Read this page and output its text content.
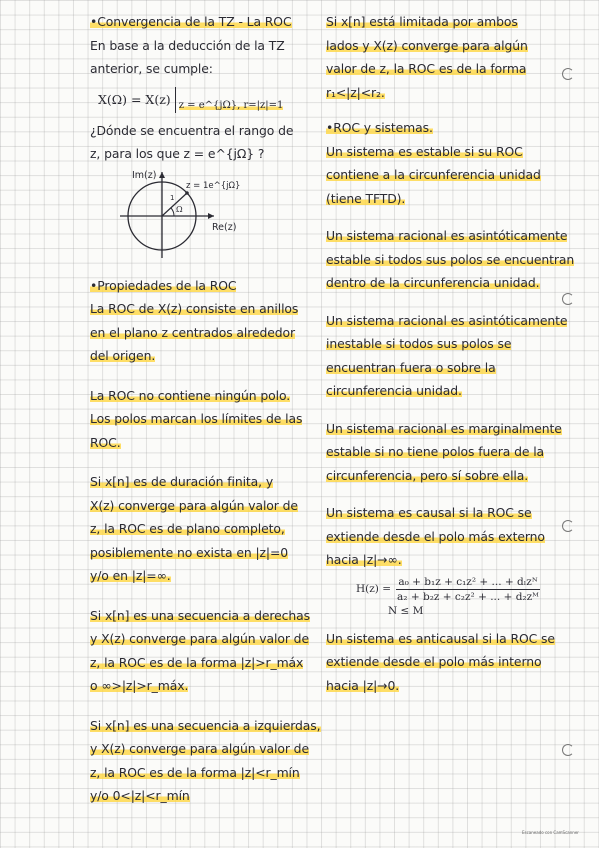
•Convergencia de la TZ - La ROC
En base a la deducción de la TZ
anterior, se cumple:
X(Ω) = X(z) z = e^{jΩ}, r=|z|=1
¿Dónde se encuentra el rango de
z, para los que z = e^{jΩ} ?
Im(z)
Re(z)
z = 1e^{jΩ}
Ω
1
•Propiedades de la ROC
La ROC de X(z) consiste en anillos
en el plano z centrados alrededor
del origen.
La ROC no contiene ningún polo.
Los polos marcan los límites de las
ROC.
Si x[n] es de duración finita, y
X(z) converge para algún valor de
z, la ROC es de plano completo,
posiblemente no exista en |z|=0
y/o en |z|=∞.
Si x[n] es una secuencia a derechas
y X(z) converge para algún valor de
z, la ROC es de la forma |z|>r_máx
o ∞>|z|>r_máx.
Si x[n] es una secuencia a izquierdas,
y X(z) converge para algún valor de
z, la ROC es de la forma |z|<r_mín
y/o 0<|z|<r_mín
Si x[n] está limitada por ambos
lados y X(z) converge para algún
valor de z, la ROC es de la forma
r₁<|z|<r₂.
•ROC y sistemas.
Un sistema es estable si su ROC
contiene a la circunferencia unidad
(tiene TFTD).
Un sistema racional es asintóticamente
estable si todos sus polos se encuentran
dentro de la circunferencia unidad.
Un sistema racional es asintóticamente
inestable si todos sus polos se
encuentran fuera o sobre la
circunferencia unidad.
Un sistema racional es marginalmente
estable si no tiene polos fuera de la
circunferencia, pero sí sobre ella.
Un sistema es causal si la ROC se
extiende desde el polo más externo
hacia |z|→∞.
$H(z) = \frac{\text{a₀ + b₁z + c₁z² + ... + dₗzᴺ}}{\text{a₂ + b₂z + c₂z² + ... + d₂zᴹ}}$
N ≤ M
Un sistema es anticausal si la ROC se
extiende desde el polo más interno
hacia |z|→0.
Escaneado con CamScanner
